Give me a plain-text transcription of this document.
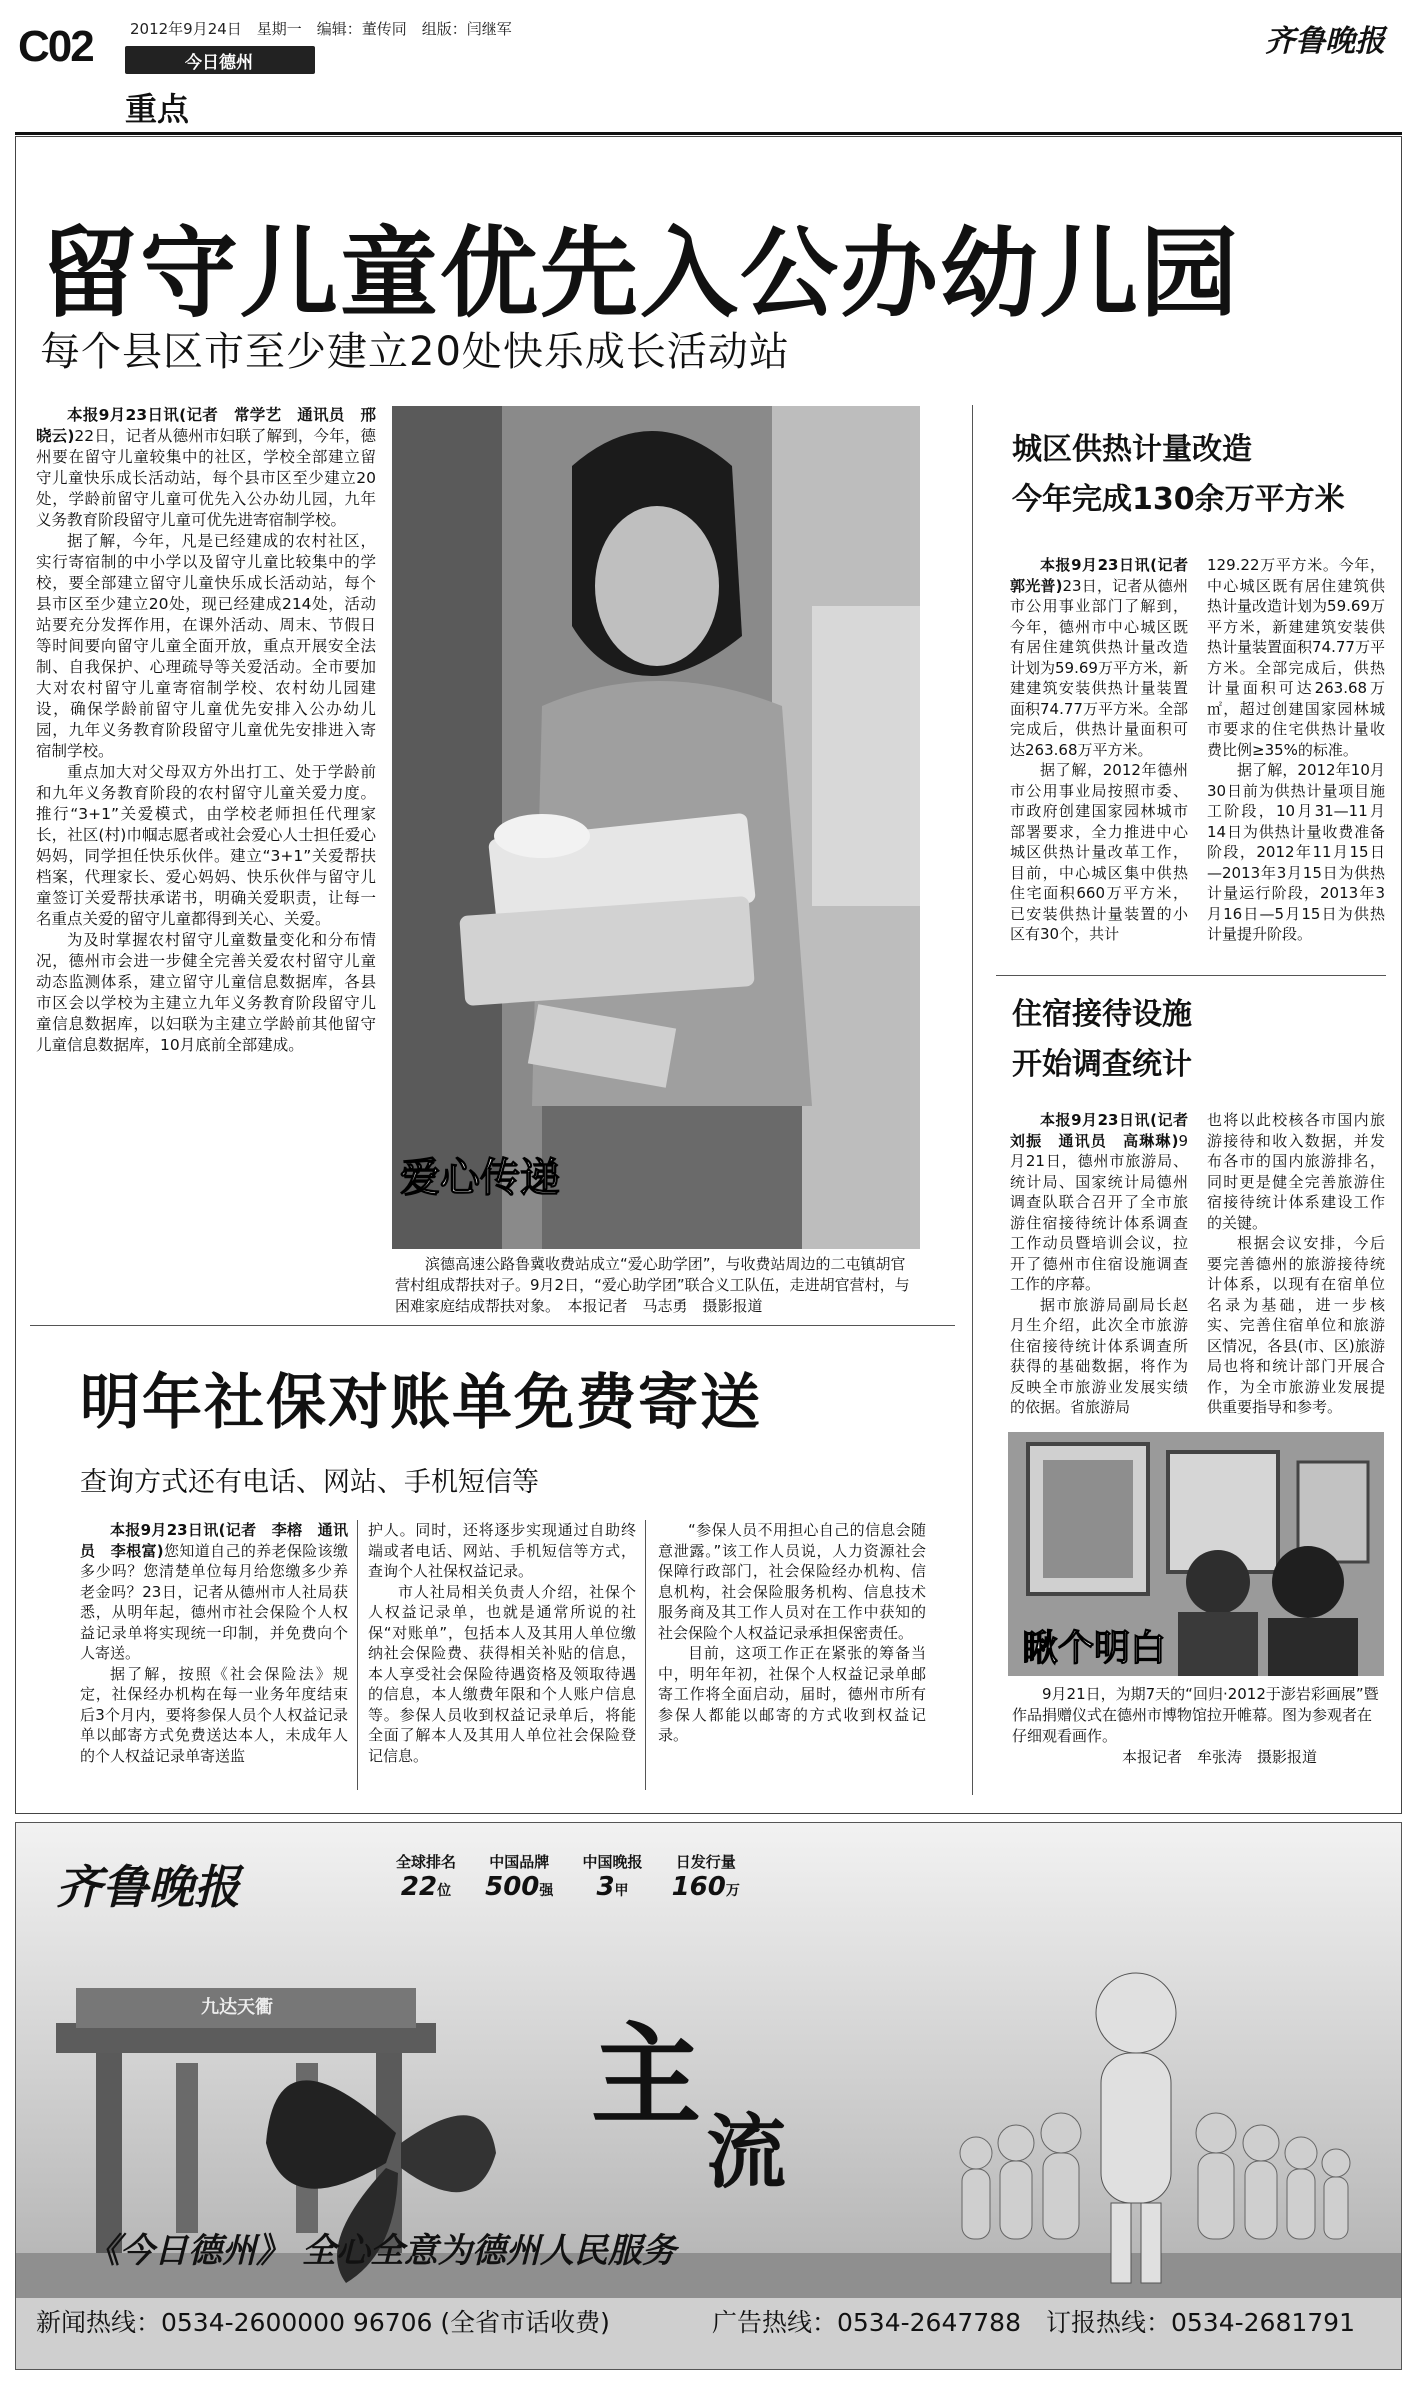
C02 2012年9月24日　星期一　编辑：董传同　组版：闫继军
今日德州
重点
齐鲁晚报
留守儿童优先入公办幼儿园
每个县区市至少建立20处快乐成长活动站

本报9月23日讯(记者　常学艺　通讯员　邢晓云)22日，记者从德州市妇联了解到，今年，德州要在留守儿童较集中的社区，学校全部建立留守儿童快乐成长活动站，每个县市区至少建立20处，学龄前留守儿童可优先入公办幼儿园，九年义务教育阶段留守儿童可优先进寄宿制学校。

据了解，今年，凡是已经建成的农村社区，实行寄宿制的中小学以及留守儿童比较集中的学校，要全部建立留守儿童快乐成长活动站，每个县市区至少建立20处，现已经建成214处，活动站要充分发挥作用，在课外活动、周末、节假日等时间要向留守儿童全面开放，重点开展安全法制、自我保护、心理疏导等关爱活动。全市要加大对农村留守儿童寄宿制学校、农村幼儿园建设，确保学龄前留守儿童优先安排入公办幼儿园，九年义务教育阶段留守儿童优先安排进入寄宿制学校。

重点加大对父母双方外出打工、处于学龄前和九年义务教育阶段的农村留守儿童关爱力度。推行“3+1”关爱模式，由学校老师担任代理家长，社区(村)巾帼志愿者或社会爱心人士担任爱心妈妈，同学担任快乐伙伴。建立“3+1”关爱帮扶档案，代理家长、爱心妈妈、快乐伙伴与留守儿童签订关爱帮扶承诺书，明确关爱职责，让每一名重点关爱的留守儿童都得到关心、关爱。

为及时掌握农村留守儿童数量变化和分布情况，德州市会进一步健全完善关爱农村留守儿童动态监测体系，建立留守儿童信息数据库，各县市区会以学校为主建立九年义务教育阶段留守儿童信息数据库，以妇联为主建立学龄前其他留守儿童信息数据库，10月底前全部建成。

爱心传递
滨德高速公路鲁冀收费站成立“爱心助学团”，与收费站周边的二屯镇胡官营村组成帮扶对子。9月2日，“爱心助学团”联合义工队伍，走进胡官营村，与困难家庭结成帮扶对象。　本报记者　马志勇　摄影报道
城区供热计量改造
今年完成130余万平方米

本报9月23日讯(记者　郭光普)23日，记者从德州市公用事业部门了解到，今年，德州市中心城区既有居住建筑供热计量改造计划为59.69万平方米，新建建筑安装供热计量装置面积74.77万平方米。全部完成后，供热计量面积可达263.68万平方米。

据了解，2012年德州市公用事业局按照市委、市政府创建国家园林城市部署要求，全力推进中心城区供热计量改革工作，目前，中心城区集中供热住宅面积660万平方米，已安装供热计量装置的小区有30个，共计

129.22万平方米。今年，中心城区既有居住建筑供热计量改造计划为59.69万平方米，新建建筑安装供热计量装置面积74.77万平方米。全部完成后，供热计量面积可达263.68万㎡，超过创建国家园林城市要求的住宅供热计量收费比例≥35%的标准。

据了解，2012年10月30日前为供热计量项目施工阶段，10月31—11月14日为供热计量收费准备阶段，2012年11月15日—2013年3月15日为供热计量运行阶段，2013年3月16日—5月15日为供热计量提升阶段。

住宿接待设施
开始调查统计

本报9月23日讯(记者　刘振　通讯员　高琳琳)9月21日，德州市旅游局、统计局、国家统计局德州调查队联合召开了全市旅游住宿接待统计体系调查工作动员暨培训会议，拉开了德州市住宿设施调查工作的序幕。

据市旅游局副局长赵月生介绍，此次全市旅游住宿接待统计体系调查所获得的基础数据，将作为反映全市旅游业发展实绩的依据。省旅游局

也将以此校核各市国内旅游接待和收入数据，并发布各市的国内旅游排名，同时更是健全完善旅游住宿接待统计体系建设工作的关键。

根据会议安排，今后要完善德州的旅游接待统计体系，以现有在宿单位名录为基础，进一步核实、完善住宿单位和旅游区情况，各县(市、区)旅游局也将和统计部门开展合作，为全市旅游业发展提供重要指导和参考。

瞅个明白
9月21日，为期7天的“回归·2012于澎岩彩画展”暨作品捐赠仪式在德州市博物馆拉开帷幕。图为参观者在仔细观看画作。
本报记者　牟张涛　摄影报道
明年社保对账单免费寄送
查询方式还有电话、网站、手机短信等

本报9月23日讯(记者　李榕　通讯员　李根富)您知道自己的养老保险该缴多少吗？您清楚单位每月给您缴多少养老金吗？23日，记者从德州市人社局获悉，从明年起，德州市社会保险个人权益记录单将实现统一印制，并免费向个人寄送。

据了解，按照《社会保险法》规定，社保经办机构在每一业务年度结束后3个月内，要将参保人员个人权益记录单以邮寄方式免费送达本人，未成年人的个人权益记录单寄送监

护人。同时，还将逐步实现通过自助终端或者电话、网站、手机短信等方式，查询个人社保权益记录。

市人社局相关负责人介绍，社保个人权益记录单，也就是通常所说的社保“对账单”，包括本人及其用人单位缴纳社会保险费、获得相关补贴的信息，本人享受社会保险待遇资格及领取待遇的信息，本人缴费年限和个人账户信息等。参保人员收到权益记录单后，将能全面了解本人及其用人单位社会保险登记信息。

“参保人员不用担心自己的信息会随意泄露。”该工作人员说，人力资源社会保障行政部门，社会保险经办机构、信息机构，社会保险服务机构、信息技术服务商及其工作人员对在工作中获知的社会保险个人权益记录承担保密责任。

目前，这项工作正在紧张的筹备当中，明年年初，社保个人权益记录单邮寄工作将全面启动，届时，德州市所有参保人都能以邮寄的方式收到权益记录。

齐鲁晚报	全球排名
22位
中国品牌
500强
中国晚报
3甲
日发行量
160万
九达天衢
主
流
《今日德州》 全心全意为德州人民服务
新闻热线：0534-2600000 96706 (全省市话收费)	广告热线：0534-2647788 订报热线：0534-2681791
